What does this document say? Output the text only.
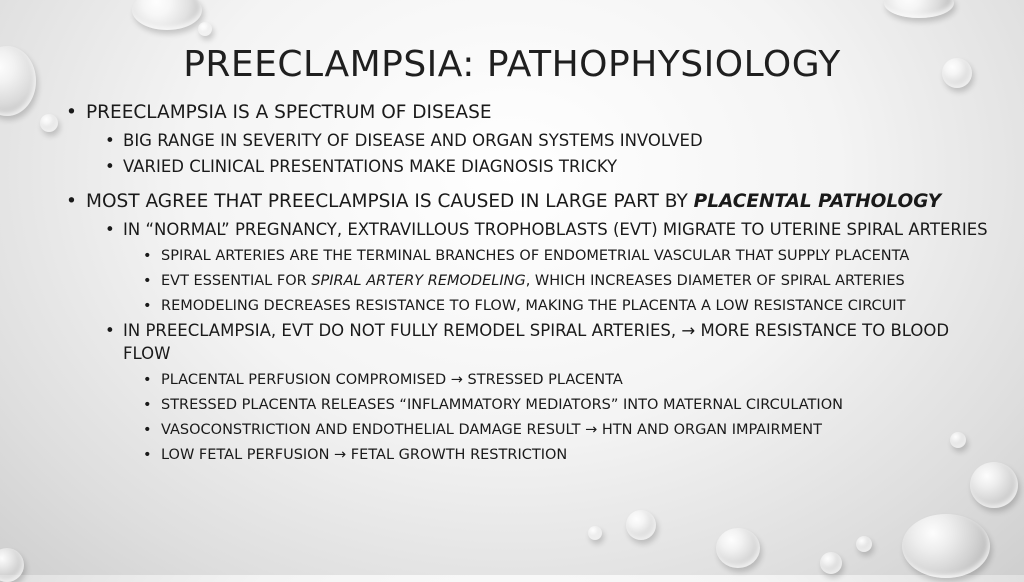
PREECLAMPSIA: PATHOPHYSIOLOGY
• PREECLAMPSIA IS A SPECTRUM OF DISEASE
• BIG RANGE IN SEVERITY OF DISEASE AND ORGAN SYSTEMS INVOLVED
• VARIED CLINICAL PRESENTATIONS MAKE DIAGNOSIS TRICKY
• MOST AGREE THAT PREECLAMPSIA IS CAUSED IN LARGE PART BY PLACENTAL PATHOLOGY
• IN “NORMAL” PREGNANCY, EXTRAVILLOUS TROPHOBLASTS (EVT) MIGRATE TO UTERINE SPIRAL ARTERIES
• SPIRAL ARTERIES ARE THE TERMINAL BRANCHES OF ENDOMETRIAL VASCULAR THAT SUPPLY PLACENTA
• EVT ESSENTIAL FOR SPIRAL ARTERY REMODELING, WHICH INCREASES DIAMETER OF SPIRAL ARTERIES
• REMODELING DECREASES RESISTANCE TO FLOW, MAKING THE PLACENTA A LOW RESISTANCE CIRCUIT
• IN PREECLAMPSIA, EVT DO NOT FULLY REMODEL SPIRAL ARTERIES, → MORE RESISTANCE TO BLOOD FLOW
• PLACENTAL PERFUSION COMPROMISED → STRESSED PLACENTA
• STRESSED PLACENTA RELEASES “INFLAMMATORY MEDIATORS” INTO MATERNAL CIRCULATION
• VASOCONSTRICTION AND ENDOTHELIAL DAMAGE RESULT → HTN AND ORGAN IMPAIRMENT
• LOW FETAL PERFUSION → FETAL GROWTH RESTRICTION
